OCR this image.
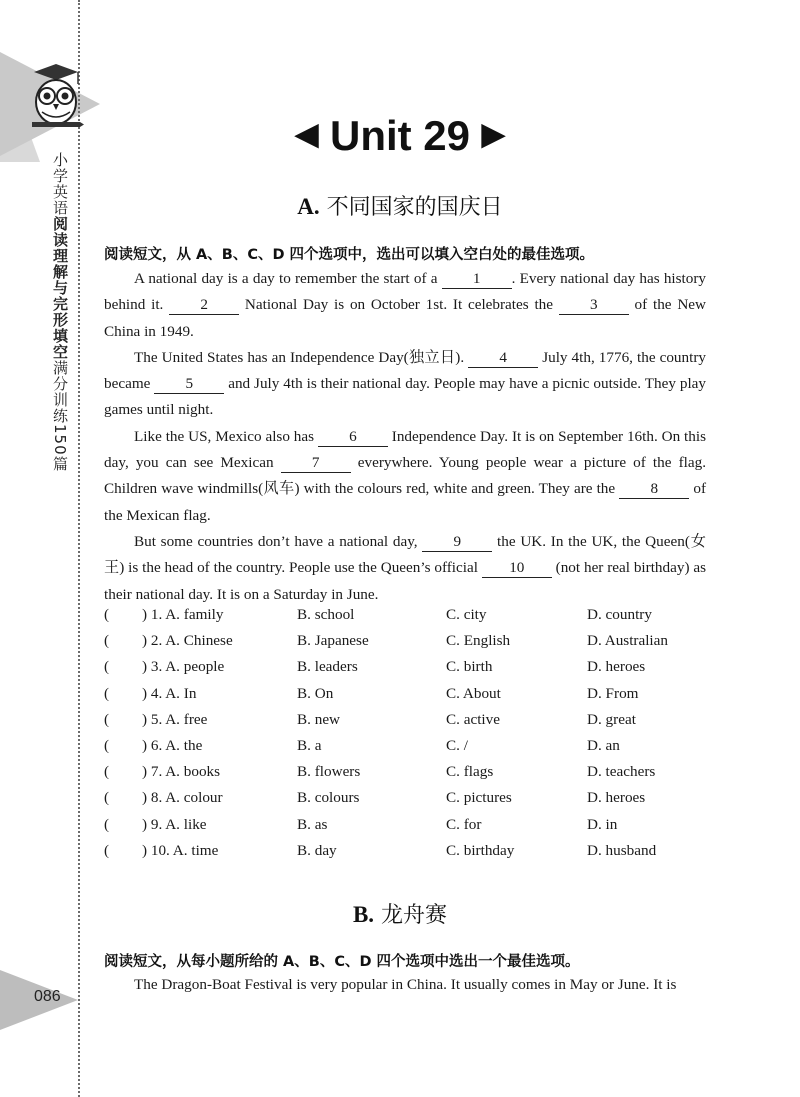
小学英语阅读理解与完形填空满分训练150篇
086
◀ Unit 29 ▶
A. 不同国家的国庆日
阅读短文，从 A、B、C、D 四个选项中，选出可以填入空白处的最佳选项。

A national day is a day to remember the start of a 1 . Every national day has history behind it. 2 National Day is on October 1st. It celebrates the 3 of the New China in 1949.

The United States has an Independence Day(独立日). 4 July 4th, 1776, the country became 5 and July 4th is their national day. People may have a picnic outside. They play games until night.

Like the US, Mexico also has 6 Independence Day. It is on September 16th. On this day, you can see Mexican 7 everywhere. Young people wear a picture of the flag. Children wave windmills(风车) with the colours red, white and green. They are the 8 of the Mexican flag.

But some countries don’t have a national day, 9 the UK. In the UK, the Queen(女王) is the head of the country. People use the Queen’s official 10 (not her real birthday) as their national day. It is on a Saturday in June.

( ) 1. A. family	B. school	C. city	D. country
( ) 2. A. Chinese	B. Japanese	C. English	D. Australian
( ) 3. A. people	B. leaders	C. birth	D. heroes
( ) 4. A. In	B. On	C. About	D. From
( ) 5. A. free	B. new	C. active	D. great
( ) 6. A. the	B. a	C. /	D. an
( ) 7. A. books	B. flowers	C. flags	D. teachers
( ) 8. A. colour	B. colours	C. pictures	D. heroes
( ) 9. A. like	B. as	C. for	D. in
( ) 10. A. time	B. day	C. birthday	D. husband
B. 龙舟赛
阅读短文，从每小题所给的 A、B、C、D 四个选项中选出一个最佳选项。
The Dragon-Boat Festival is very popular in China. It usually comes in May or June. It is
